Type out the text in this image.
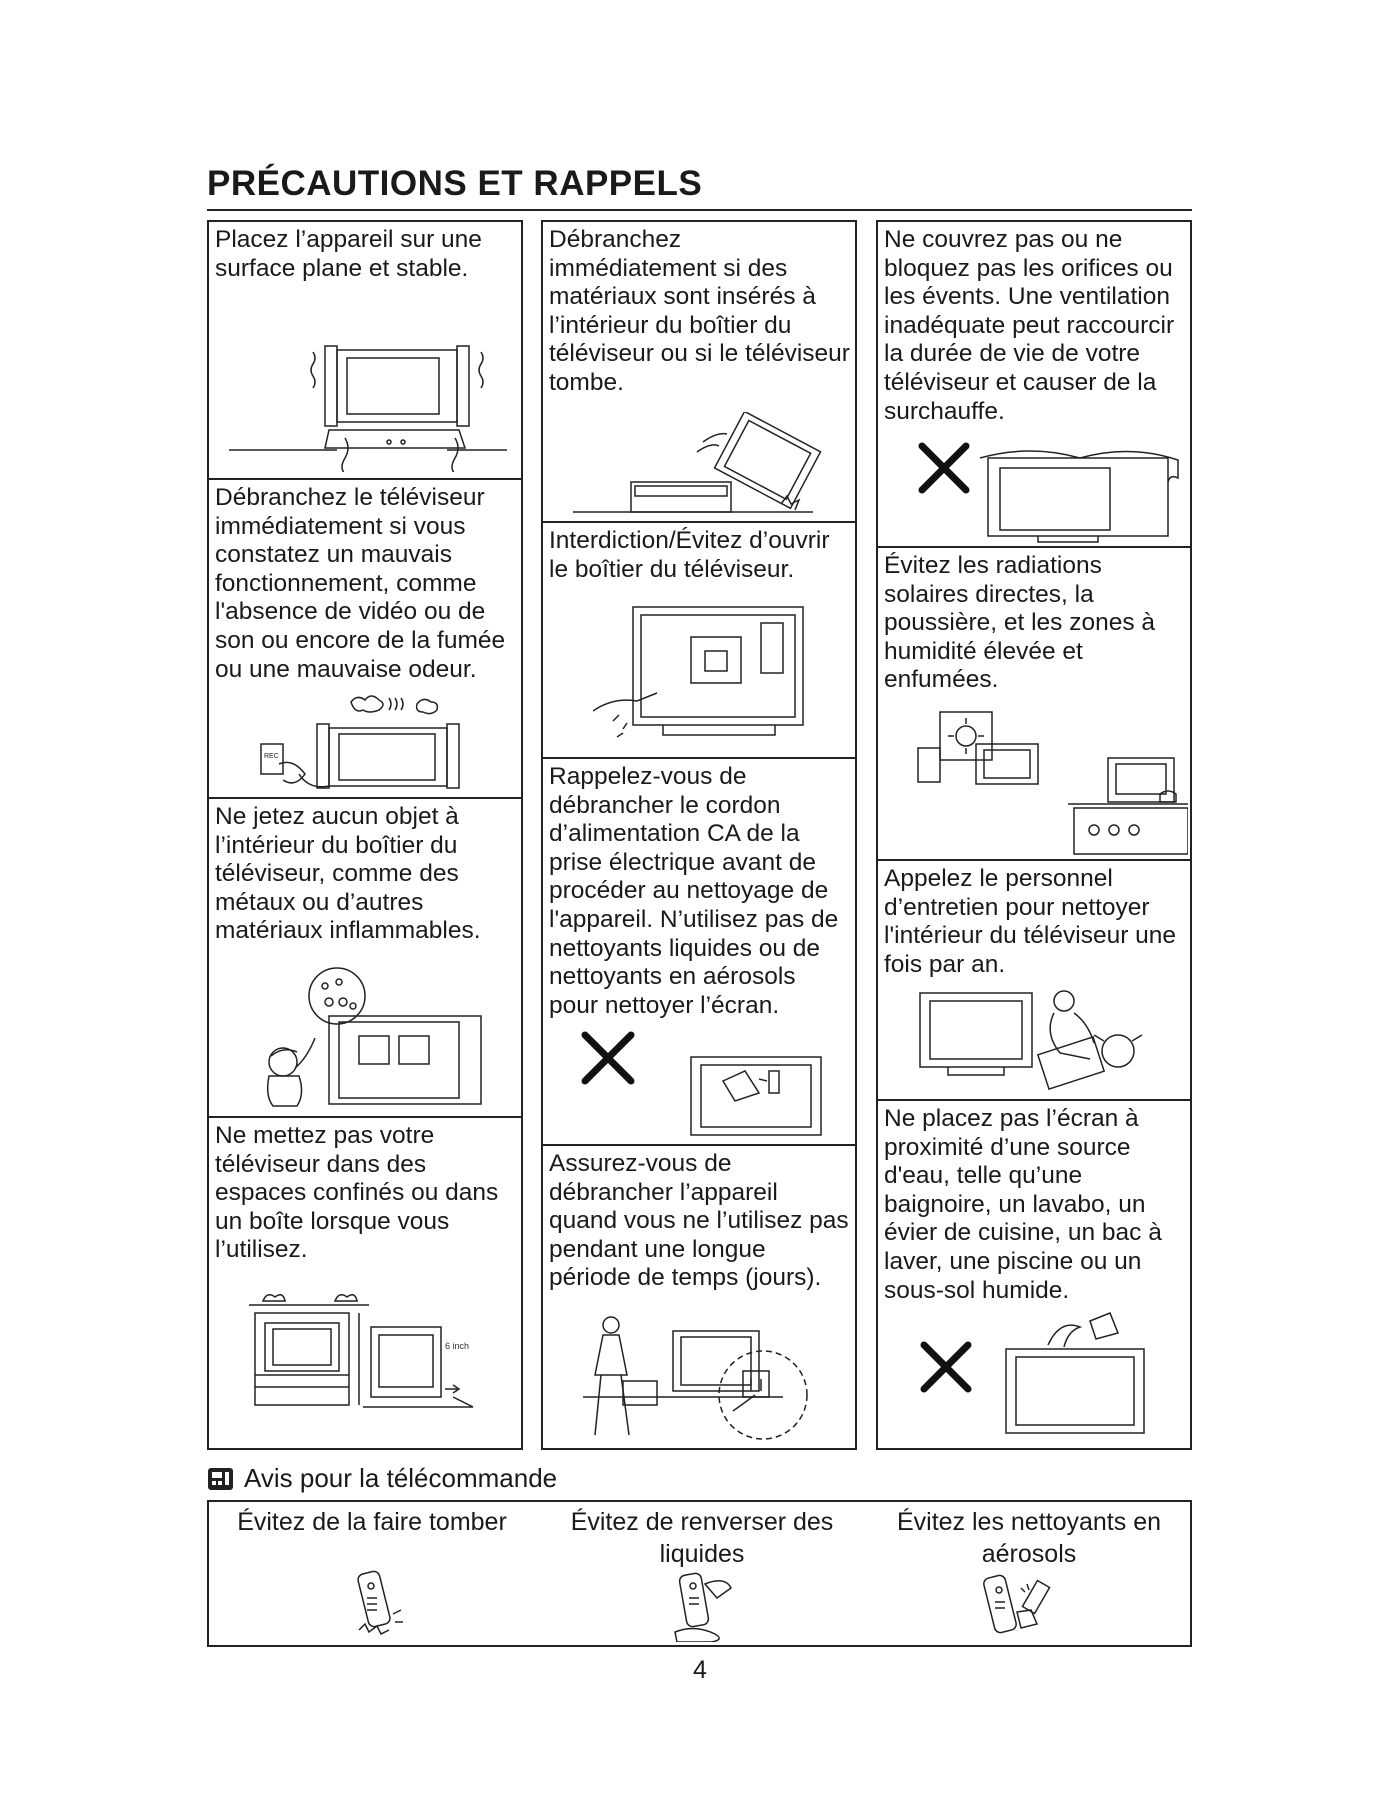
PRÉCAUTIONS ET RAPPELS
Placez l’appareil sur une surface plane et stable.
Débranchez le téléviseur immédiatement si vous constatez un mauvais fonctionnement, comme l'absence de vidéo ou de son ou encore de la fumée ou une mauvaise odeur.
REC
Ne jetez aucun objet à l’intérieur du boîtier du téléviseur, comme des métaux ou d’autres matériaux inflammables.
Ne mettez pas votre téléviseur dans des espaces confinés ou dans un boîte lorsque vous l’utilisez.
6 inch
Débranchez immédiatement si des matériaux sont insérés à l’intérieur du boîtier du téléviseur ou si le téléviseur tombe.
Interdiction/Évitez d’ouvrir le boîtier du téléviseur.
Rappelez-vous de débrancher le cordon d’alimentation CA de la prise électrique avant de procéder au nettoyage de l'appareil. N’utilisez pas de nettoyants liquides ou de nettoyants en aérosols pour nettoyer l’écran.
Assurez-vous de débrancher l’appareil quand vous ne l’utilisez pas pendant une longue période de temps (jours).
Ne couvrez pas ou ne bloquez pas les orifices ou les évents. Une ventilation inadéquate peut raccourcir la durée de vie de votre téléviseur et causer de la surchauffe.
Évitez les radiations solaires directes, la poussière, et les zones à humidité élevée et enfumées.
Appelez le personnel d’entretien pour nettoyer l'intérieur du téléviseur une fois par an.
Ne placez pas l’écran à proximité d’une source d'eau, telle qu’une baignoire, un lavabo, un évier de cuisine, un bac à laver, une piscine ou un sous-sol humide.
Avis pour la télécommande
Évitez de la faire tomber	Évitez de renverser des liquides
Évitez les nettoyants en aérosols
4
